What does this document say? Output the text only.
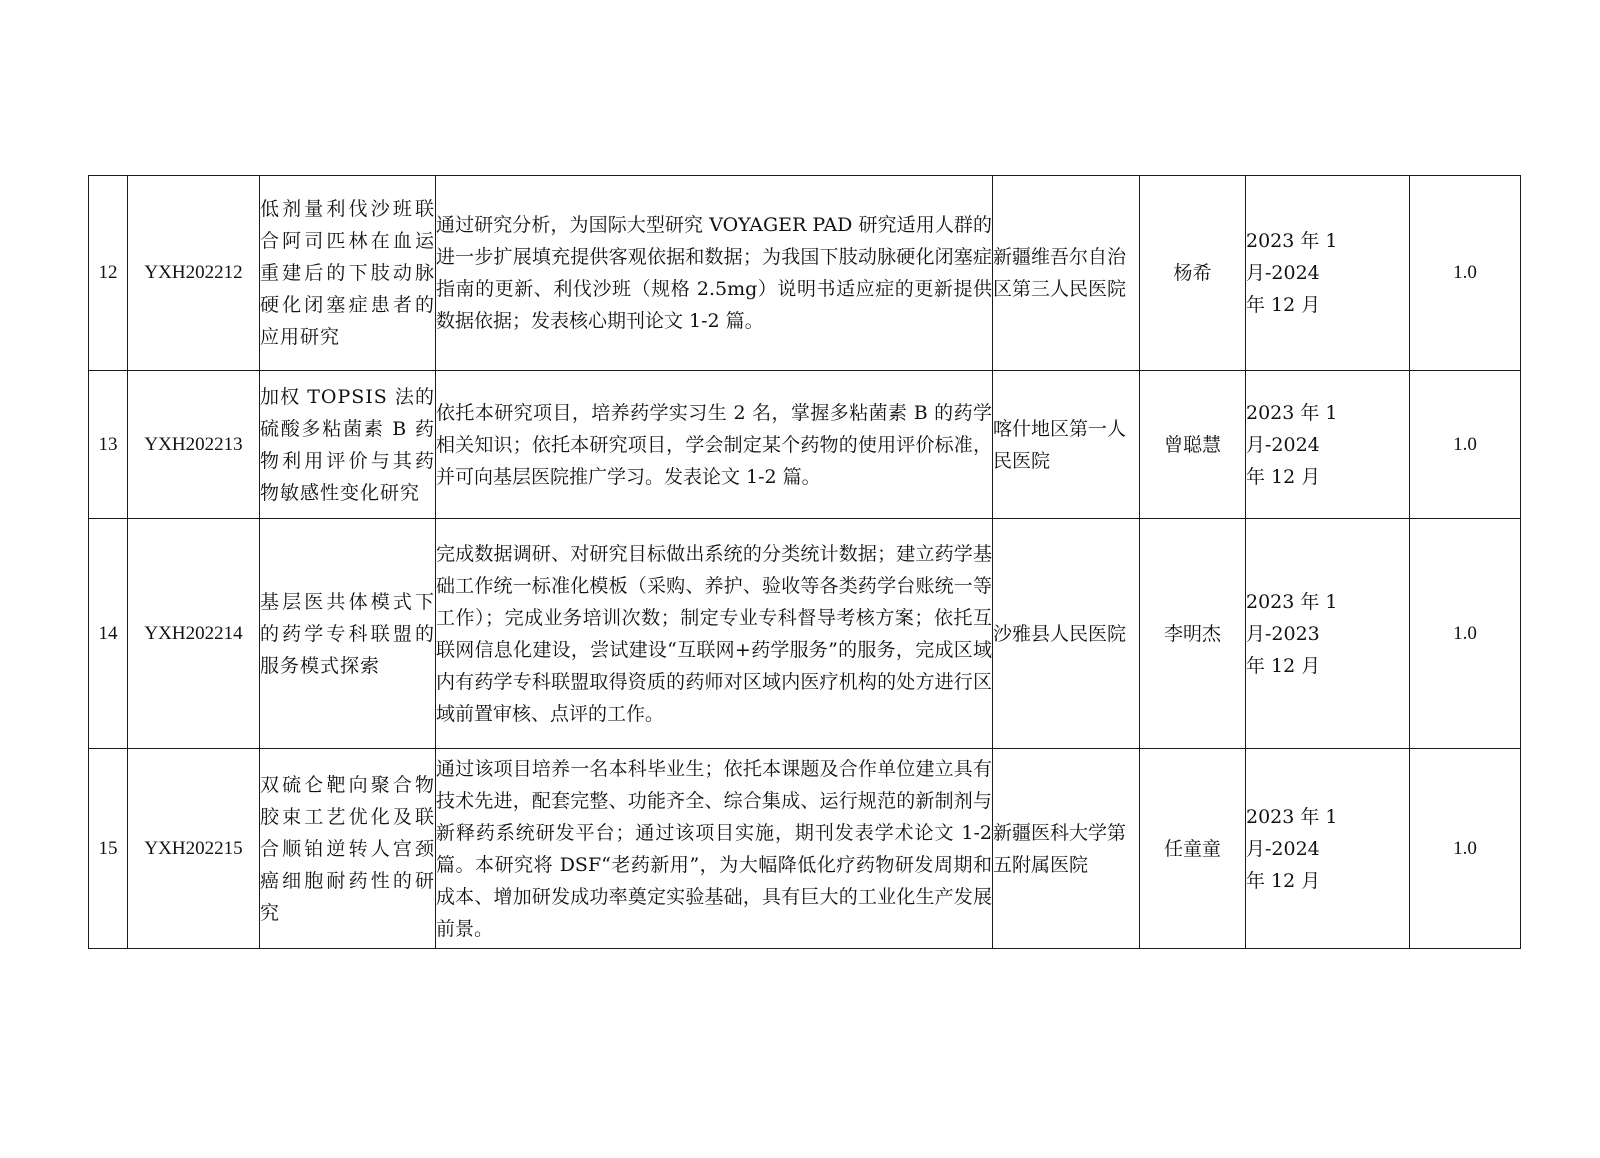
12	YXH202212	低剂量利伐沙班联合阿司匹林在血运重建后的下肢动脉硬化闭塞症患者的应用研究	通过研究分析，为国际大型研究 VOYAGER PAD 研究适用人群的进一步扩展填充提供客观依据和数据；为我国下肢动脉硬化闭塞症指南的更新、利伐沙班（规格 2.5mg）说明书适应症的更新提供数据依据；发表核心期刊论文 1-2 篇。	新疆维吾尔自治区第三人民医院	杨希	2023 年 1 月-2024
年 12 月	1.0
13	YXH202213	加权 TOPSIS 法的硫酸多粘菌素 B 药物利用评价与其药物敏感性变化研究	依托本研究项目，培养药学实习生 2 名，掌握多粘菌素 B 的药学相关知识；依托本研究项目，学会制定某个药物的使用评价标准，并可向基层医院推广学习。发表论文 1-2 篇。	喀什地区第一人民医院	曾聪慧	2023 年 1 月-2024
年 12 月	1.0
14	YXH202214	基层医共体模式下的药学专科联盟的服务模式探索	完成数据调研、对研究目标做出系统的分类统计数据；建立药学基础工作统一标准化模板（采购、养护、验收等各类药学台账统一等工作）；完成业务培训次数；制定专业专科督导考核方案；依托互联网信息化建设，尝试建设“互联网+药学服务”的服务，完成区域内有药学专科联盟取得资质的药师对区域内医疗机构的处方进行区域前置审核、点评的工作。	沙雅县人民医院	李明杰	2023 年 1 月-2023
年 12 月	1.0
15	YXH202215	双硫仑靶向聚合物胶束工艺优化及联合顺铂逆转人宫颈癌细胞耐药性的研究	通过该项目培养一名本科毕业生；依托本课题及合作单位建立具有技术先进，配套完整、功能齐全、综合集成、运行规范的新制剂与新释药系统研发平台；通过该项目实施，期刊发表学术论文 1-2 篇。本研究将 DSF“老药新用”，为大幅降低化疗药物研发周期和成本、增加研发成功率奠定实验基础，具有巨大的工业化生产发展前景。	新疆医科大学第五附属医院	任童童	2023 年 1 月-2024
年 12 月	1.0
